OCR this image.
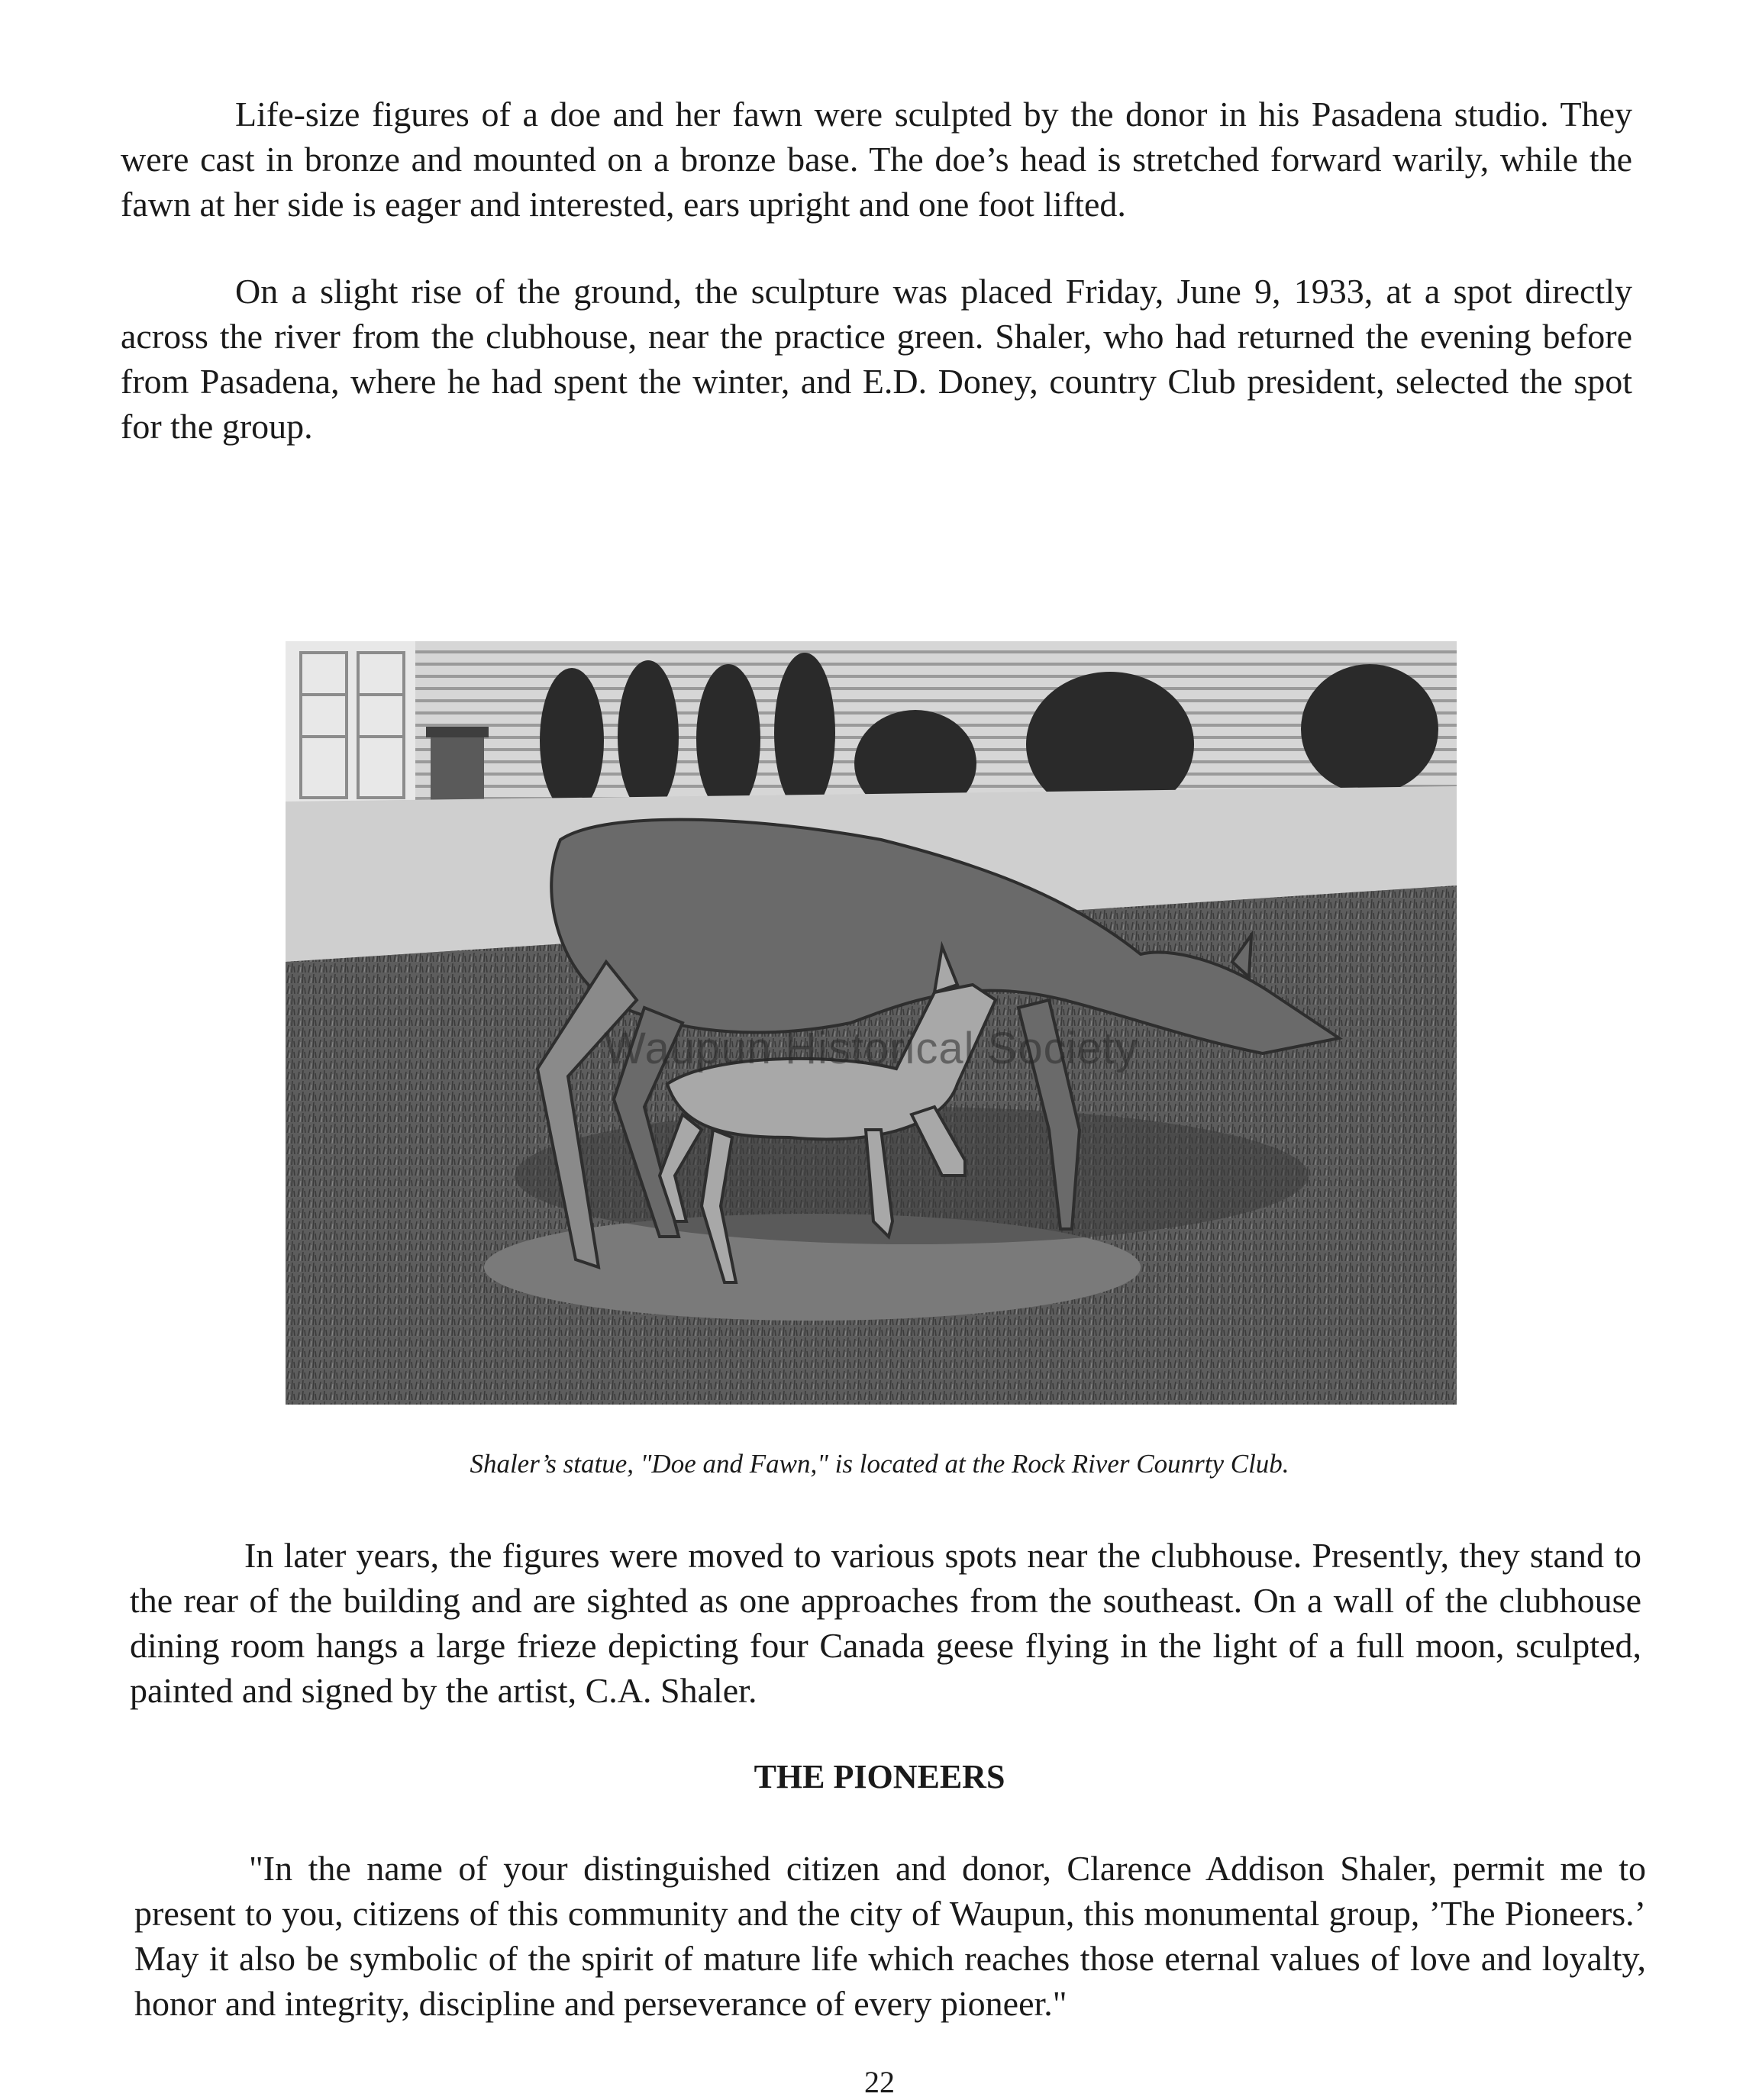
Life-size figures of a doe and her fawn were sculpted by the donor in his Pasadena studio. They were cast in bronze and mounted on a bronze base. The doe’s head is stretched forward warily, while the fawn at her side is eager and interested, ears upright and one foot lifted.

On a slight rise of the ground, the sculpture was placed Friday, June 9, 1933, at a spot directly across the river from the clubhouse, near the practice green. Shaler, who had returned the evening before from Pasadena, where he had spent the winter, and E.D. Doney, country Club president, selected the spot for the group.

Waupun Historical Society

Shaler’s statue, "Doe and Fawn," is located at the Rock River Counrty Club.

In later years, the figures were moved to various spots near the clubhouse. Presently, they stand to the rear of the building and are sighted as one approaches from the southeast. On a wall of the clubhouse dining room hangs a large frieze depicting four Canada geese flying in the light of a full moon, sculpted, painted and signed by the artist, C.A. Shaler.

THE PIONEERS

"In the name of your distinguished citizen and donor, Clarence Addison Shaler, permit me to present to you, citizens of this community and the city of Waupun, this monumental group, ’The Pioneers.’ May it also be symbolic of the spirit of mature life which reaches those eternal values of love and loyalty, honor and integrity, discipline and perseverance of every pioneer."

22
